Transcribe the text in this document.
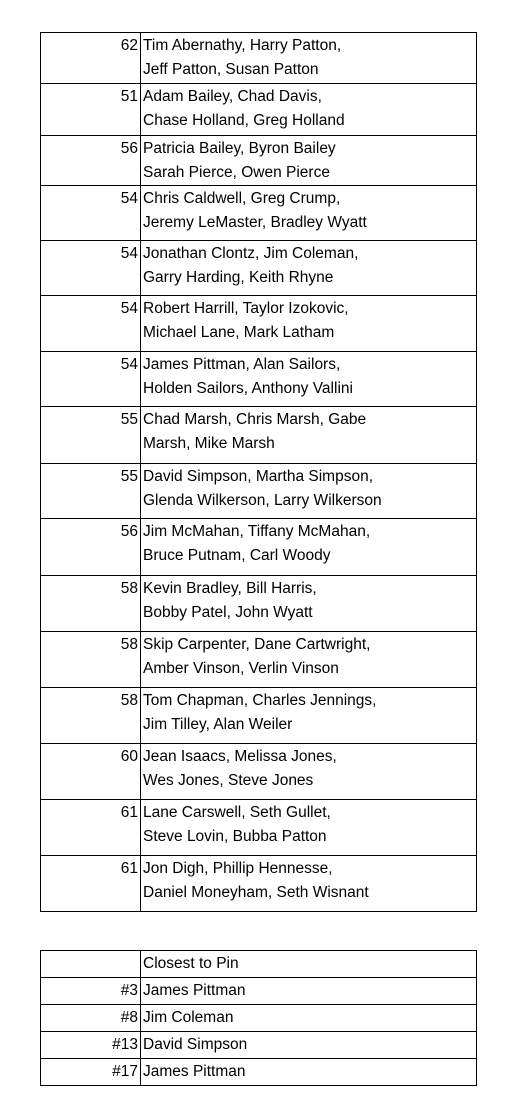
62	Tim Abernathy, Harry Patton,
Jeff Patton, Susan Patton

51	Adam Bailey, Chad Davis,
Chase Holland, Greg Holland

56	Patricia Bailey, Byron Bailey
Sarah Pierce, Owen Pierce

54	Chris Caldwell, Greg Crump,
Jeremy LeMaster, Bradley Wyatt

54	Jonathan Clontz, Jim Coleman,
Garry Harding, Keith Rhyne

54	Robert Harrill, Taylor Izokovic,
Michael Lane, Mark Latham

54	James Pittman, Alan Sailors,
Holden Sailors, Anthony Vallini

55	Chad Marsh, Chris Marsh, Gabe
Marsh, Mike Marsh

55	David Simpson, Martha Simpson,
Glenda Wilkerson, Larry Wilkerson

56	Jim McMahan, Tiffany McMahan,
Bruce Putnam, Carl Woody

58	Kevin Bradley, Bill Harris,
Bobby Patel, John Wyatt

58	Skip Carpenter, Dane Cartwright,
Amber Vinson, Verlin Vinson

58	Tom Chapman, Charles Jennings,
Jim Tilley, Alan Weiler

60	Jean Isaacs, Melissa Jones,
Wes Jones, Steve Jones

61	Lane Carswell, Seth Gullet,
Steve Lovin, Bubba Patton

61	Jon Digh, Phillip Hennesse,
Daniel Moneyham, Seth Wisnant
	Closest to Pin
#3	James Pittman
#8	Jim Coleman
#13	David Simpson
#17	James Pittman
